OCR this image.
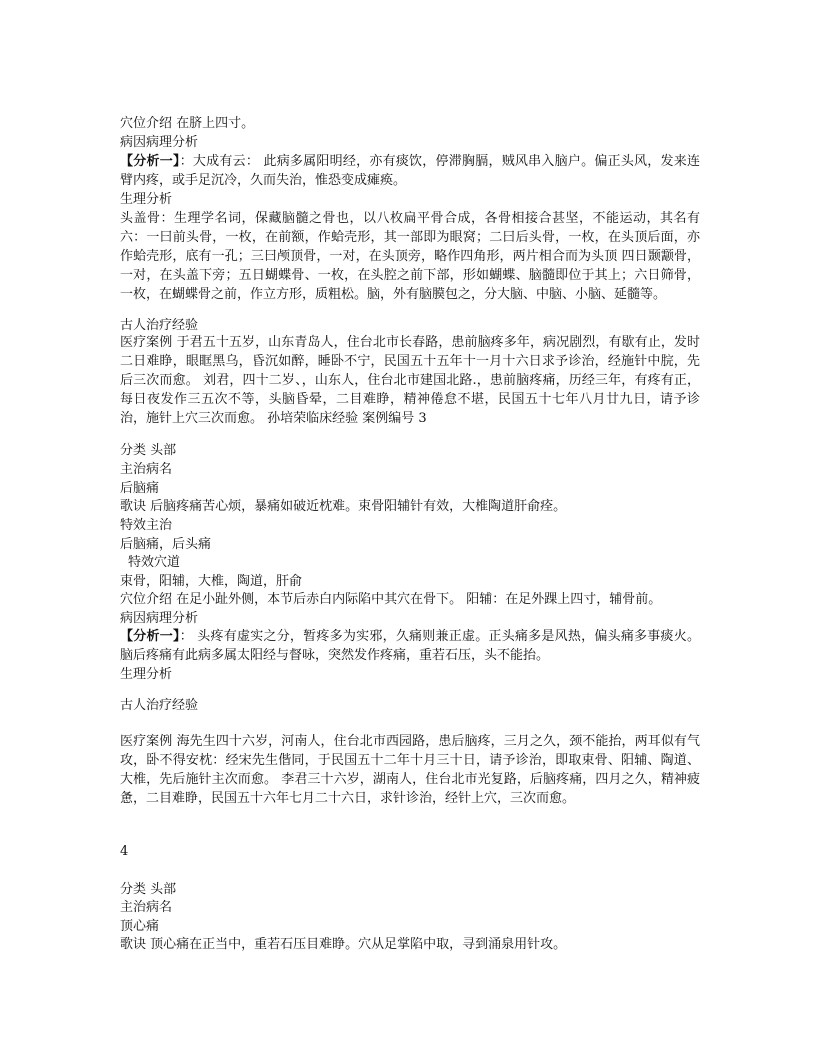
穴位介绍 在脐上四寸。
病因病理分析

【分析一】：大成有云： 此病多属阳明经，亦有痰饮，停滞胸膈，贼风串入脑户。偏正头风，发来连臂内疼，或手足沉冷，久而失治，惟恐变成瘫痪。

生理分析

头盖骨：生理学名词，保藏脑髓之骨也，以八枚扁平骨合成，各骨相接合甚坚，不能运动，其名有六：一曰前头骨，一枚，在前额，作蛤壳形，其一部即为眼窝；二曰后头骨，一枚，在头顶后面，亦作蛤壳形，底有一孔；三曰颅顶骨，一对，在头顶旁，略作四角形，两片相合而为头顶 四日颞颥骨，一对，在头盖下旁；五日蝴蝶骨、一枚，在头腔之前下部，形如蝴蝶、脑髓即位于其上；六日筛骨，一枚，在蝴蝶骨之前，作立方形，质粗松。脑，外有脑膜包之，分大脑、中脑、小脑、延髓等。

古人治疗经验

医疗案例 于君五十五岁，山东青岛人，住台北市长春路，患前脑疼多年，病况剧烈，有歇有止，发时二日难睁，眼眶黑乌，昏沉如醉，睡卧不宁，民国五十五年十一月十六日求予诊治，经施针中脘，先后三次而愈。 刘君，四十二岁、，山东人，住台北市建国北路.，患前脑疼痛，历经三年，有疼有正，每日夜发作三五次不等，头脑昏晕，二目难睁，精神倦怠不堪，民国五十七年八月廿九日，请予诊治，施针上穴三次而愈。 孙培荣临床经验 案例编号 3

分类 头部
主治病名
后脑痛
歌诀 后脑疼痛苦心烦，暴痛如破近枕难。束骨阳辅针有效，大椎陶道肝俞痊。
特效主治
后脑痛，后头痛
特效穴道
束骨，阳辅，大椎，陶道，肝俞
穴位介绍 在足小趾外侧，本节后赤白内际陷中其穴在骨下。 阳辅：在足外踝上四寸，辅骨前。
病因病理分析

【分析一】： 头疼有虚实之分，暂疼多为实邪，久痛则兼正虚。正头痛多是风热，偏头痛多事痰火。脑后疼痛有此病多属太阳经与督咏，突然发作疼痛，重若石压，头不能抬。

生理分析
古人治疗经验

医疗案例 海先生四十六岁，河南人，住台北市西园路，患后脑疼，三月之久，颈不能抬，两耳似有气攻，卧不得安枕：经宋先生偕同，于民国五十二年十月三十日，请予诊治，即取束骨、阳辅、陶道、大椎，先后施针主次而愈。 李君三十六岁，湖南人，住台北市光复路，后脑疼痛，四月之久，精神疲惫，二目难睁，民国五十六年七月二十六日，求针诊治，经针上穴，三次而愈。

4
分类 头部
主治病名
顶心痛
歌诀 顶心痛在正当中，重若石压目难睁。穴从足掌陷中取，寻到涌泉用针攻。
